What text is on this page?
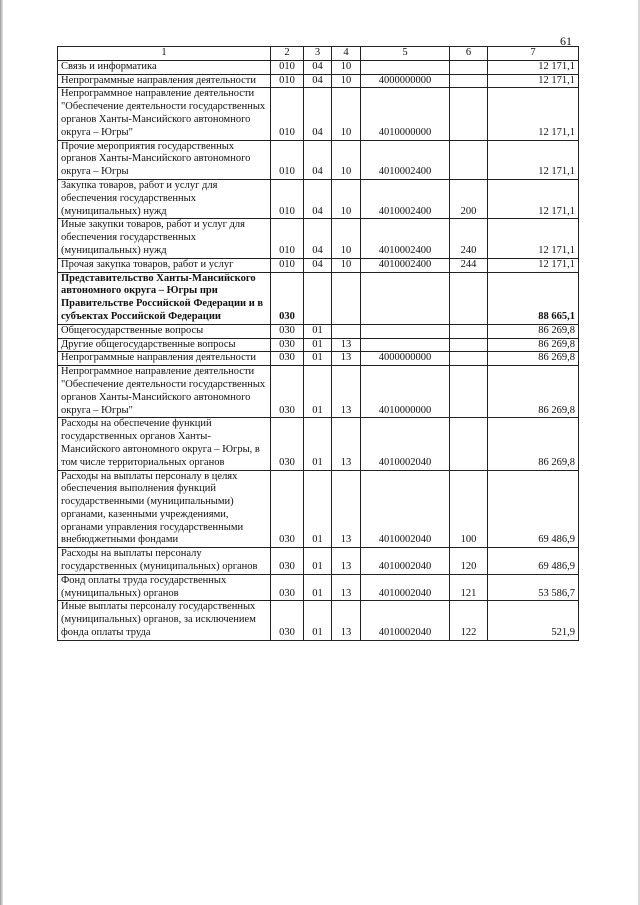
61
1	2	3	4	5	6	7
Связь и информатика	010	04	10			12 171,1
Непрограммные направления деятельности	010	04	10	4000000000		12 171,1
Непрограммное направление деятельности "Обеспечение деятельности государственных органов Ханты-Мансийского автономного округа – Югры"	010	04	10	4010000000		12 171,1
Прочие мероприятия государственных органов Ханты-Мансийского автономного округа – Югры	010	04	10	4010002400		12 171,1
Закупка товаров, работ и услуг для обеспечения государственных (муниципальных) нужд	010	04	10	4010002400	200	12 171,1
Иные закупки товаров, работ и услуг для обеспечения государственных (муниципальных) нужд	010	04	10	4010002400	240	12 171,1
Прочая закупка товаров, работ и услуг	010	04	10	4010002400	244	12 171,1
Представительство Ханты-Мансийского автономного округа – Югры при Правительстве Российской Федерации и в субъектах Российской Федерации	030					88 665,1
Общегосударственные вопросы	030	01				86 269,8
Другие общегосударственные вопросы	030	01	13			86 269,8
Непрограммные направления деятельности	030	01	13	4000000000		86 269,8
Непрограммное направление деятельности "Обеспечение деятельности государственных органов Ханты-Мансийского автономного округа – Югры"	030	01	13	4010000000		86 269,8
Расходы на обеспечение функций государственных органов Ханты-Мансийского автономного округа – Югры, в том числе территориальных органов	030	01	13	4010002040		86 269,8
Расходы на выплаты персоналу в целях обеспечения выполнения функций государственными (муниципальными) органами, казенными учреждениями, органами управления государственными внебюджетными фондами	030	01	13	4010002040	100	69 486,9
Расходы на выплаты персоналу государственных (муниципальных) органов	030	01	13	4010002040	120	69 486,9
Фонд оплаты труда государственных (муниципальных) органов	030	01	13	4010002040	121	53 586,7
Иные выплаты персоналу государственных (муниципальных) органов, за исключением фонда оплаты труда	030	01	13	4010002040	122	521,9
